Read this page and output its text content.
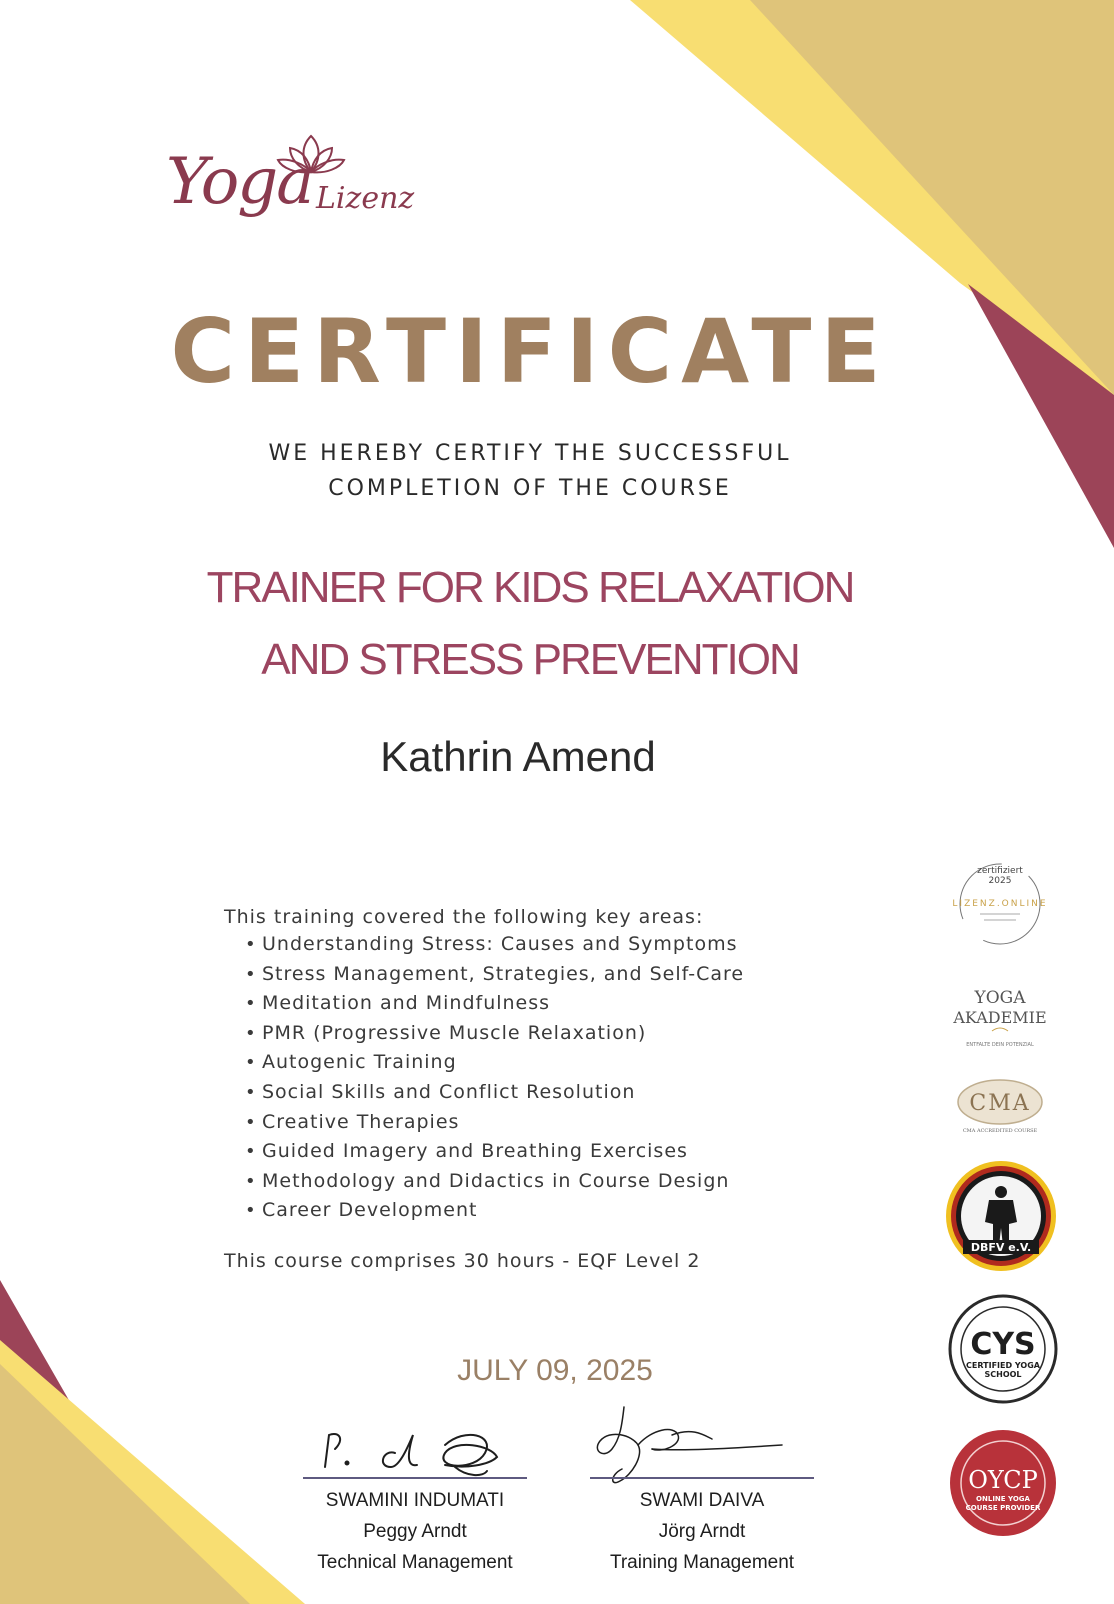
Yoga Lizenz
CERTIFICATE
WE HEREBY CERTIFY THE SUCCESSFUL
COMPLETION OF THE COURSE
TRAINER FOR KIDS RELAXATION
AND STRESS PREVENTION
Kathrin Amend
This training covered the following key areas:
• Understanding Stress: Causes and Symptoms
• Stress Management, Strategies, and Self-Care
• Meditation and Mindfulness
• PMR (Progressive Muscle Relaxation)
• Autogenic Training
• Social Skills and Conflict Resolution
• Creative Therapies
• Guided Imagery and Breathing Exercises
• Methodology and Didactics in Course Design
• Career Development
This course comprises 30 hours - EQF Level 2
JULY 09, 2025
SWAMINI INDUMATI
Peggy Arndt
Technical Management
SWAMI DAIVA
Jörg Arndt
Training Management
zertifiziert
2025
LIZENZ.ONLINE
YOGA
AKADEMIE
ENTFALTE DEIN POTENZIAL
CMA
CMA ACCREDITED COURSE
DBFV e.V.
CYS
CERTIFIED YOGA
SCHOOL
OYCP
ONLINE YOGA
COURSE PROVIDER
